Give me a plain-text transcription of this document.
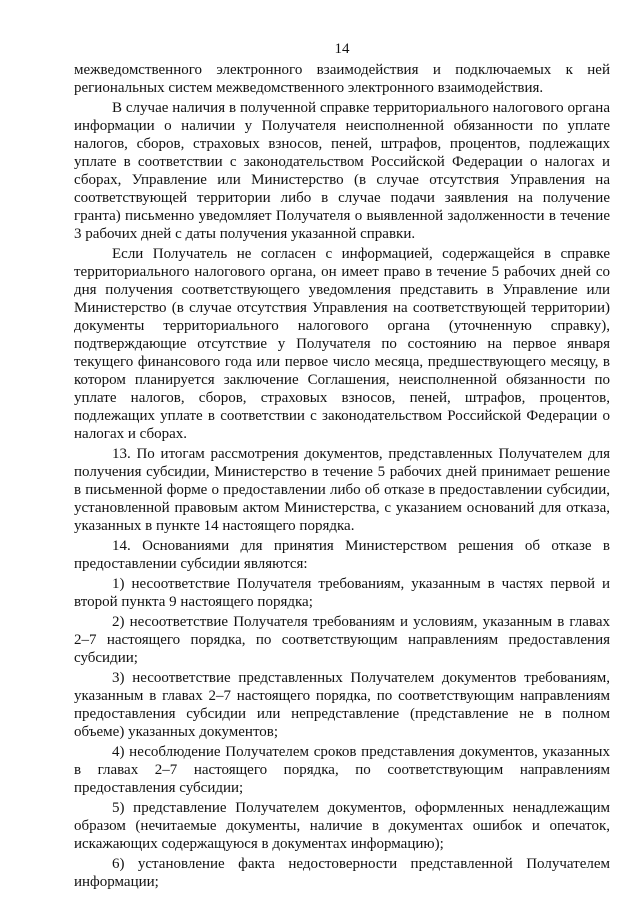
14

межведомственного электронного взаимодействия и подключаемых к ней региональных систем межведомственного электронного взаимодействия.

В случае наличия в полученной справке территориального налогового органа информации о наличии у Получателя неисполненной обязанности по уплате налогов, сборов, страховых взносов, пеней, штрафов, процентов, подлежащих уплате в соответствии с законодательством Российской Федерации о налогах и сборах, Управление или Министерство (в случае отсутствия Управления на соответствующей территории либо в случае подачи заявления на получение гранта) письменно уведомляет Получателя о выявленной задолженности в течение 3 рабочих дней с даты получения указанной справки.

Если Получатель не согласен с информацией, содержащейся в справке территориального налогового органа, он имеет право в течение 5 рабочих дней со дня получения соответствующего уведомления представить в Управление или Министерство (в случае отсутствия Управления на соответствующей территории) документы территориального налогового органа (уточненную справку), подтверждающие отсутствие у Получателя по состоянию на первое января текущего финансового года или первое число месяца, предшествующего месяцу, в котором планируется заключение Соглашения, неисполненной обязанности по уплате налогов, сборов, страховых взносов, пеней, штрафов, процентов, подлежащих уплате в соответствии с законодательством Российской Федерации о налогах и сборах.

13. По итогам рассмотрения документов, представленных Получателем для получения субсидии, Министерство в течение 5 рабочих дней принимает решение в письменной форме о предоставлении либо об отказе в предоставлении субсидии, установленной правовым актом Министерства, с указанием оснований для отказа, указанных в пункте 14 настоящего порядка.

14. Основаниями для принятия Министерством решения об отказе в предоставлении субсидии являются:

1) несоответствие Получателя требованиям, указанным в частях первой и второй пункта 9 настоящего порядка;

2) несоответствие Получателя требованиям и условиям, указанным в главах 2–7 настоящего порядка, по соответствующим направлениям предоставления субсидии;

3) несоответствие представленных Получателем документов требованиям, указанным в главах 2–7 настоящего порядка, по соответствующим направлениям предоставления субсидии или непредставление (представление не в полном объеме) указанных документов;

4) несоблюдение Получателем сроков представления документов, указанных в главах 2–7 настоящего порядка, по соответствующим направлениям предоставления субсидии;

5) представление Получателем документов, оформленных ненадлежащим образом (нечитаемые документы, наличие в документах ошибок и опечаток, искажающих содержащуюся в документах информацию);

6) установление факта недостоверности представленной Получателем информации;
